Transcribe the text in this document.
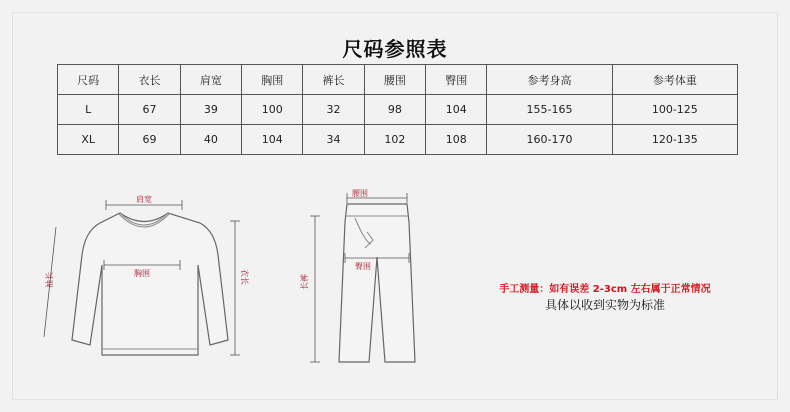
尺码参照表
尺码	衣长	肩宽	胸围	裤长	腰围	臀围	参考身高	参考体重
L	67	39	100	32	98	104	155-165	100-125
XL	69	40	104	34	102	108	160-170	120-135
肩宽
胸围
袖长	衣长
腰围
臀围
长裤	手工测量：如有误差 2-3cm 左右属于正常情况
具体以收到实物为标准
